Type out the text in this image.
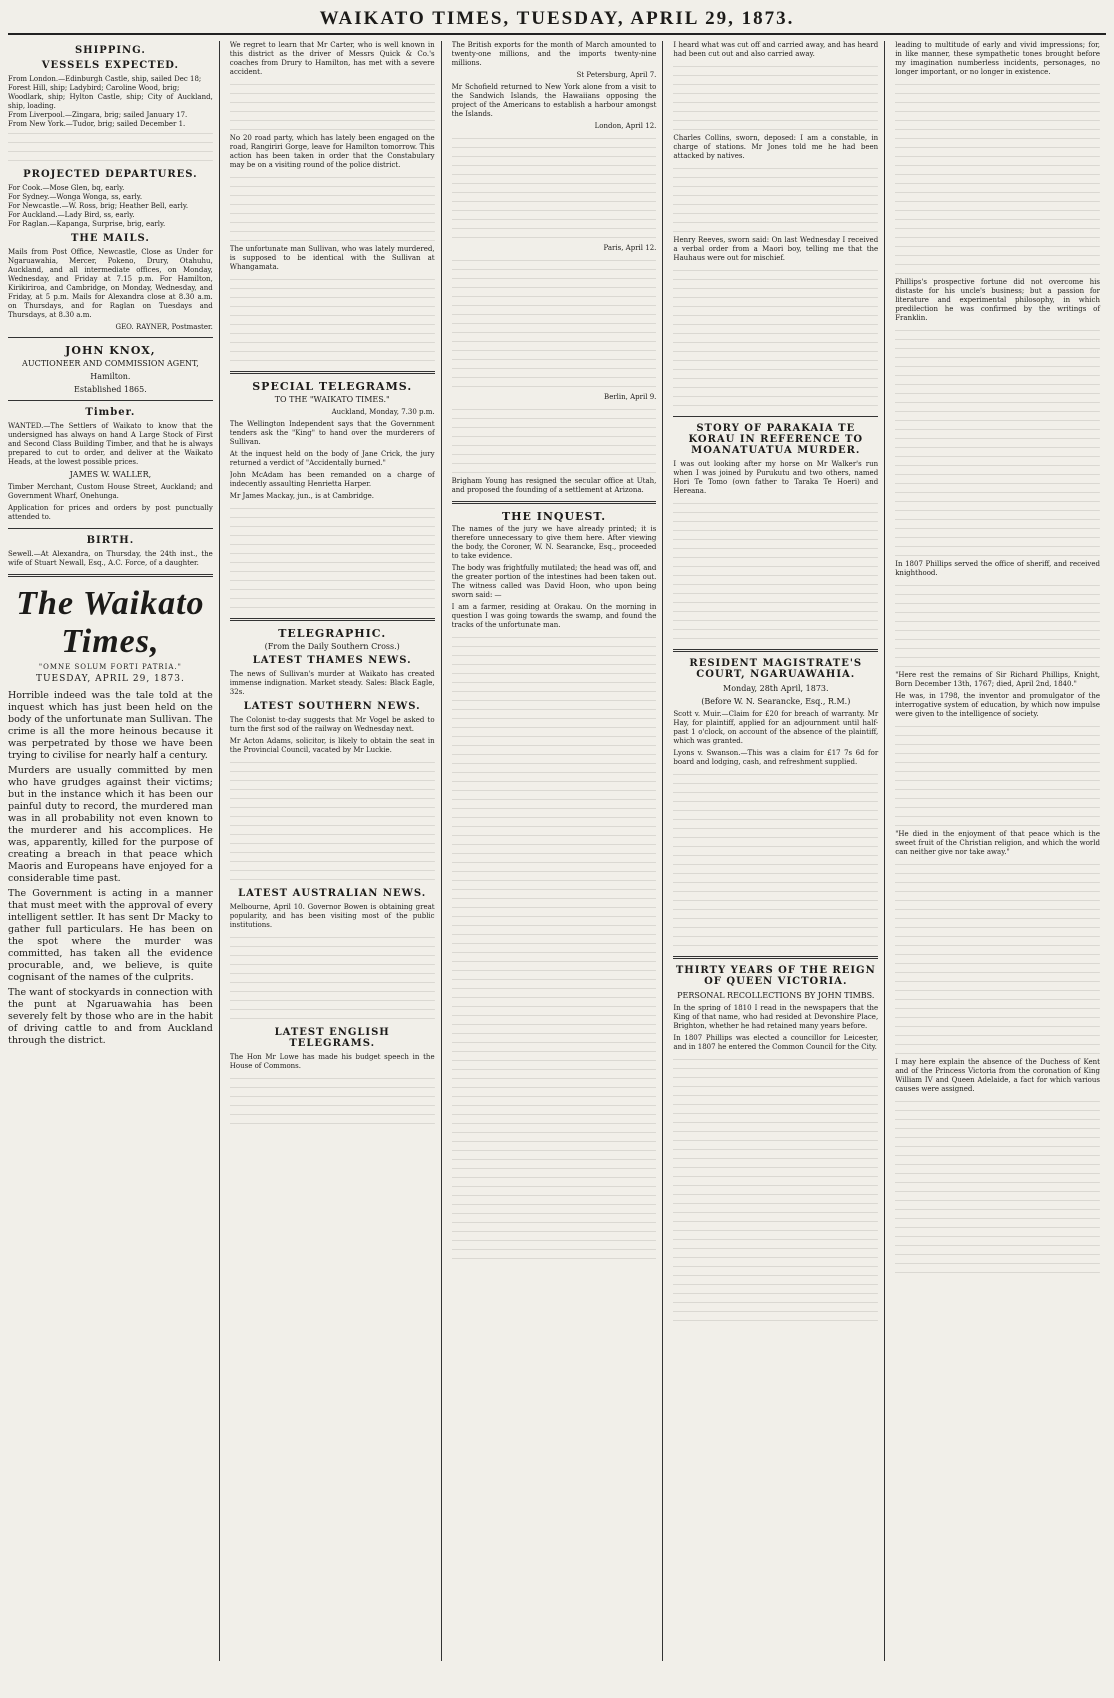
WAIKATO TIMES, TUESDAY, APRIL 29, 1873.
SHIPPING.
VESSELS EXPECTED.
From London.—Edinburgh Castle, ship, sailed Dec 18;
Forest Hill, ship; Ladybird; Caroline Wood, brig;
Woodlark, ship; Hylton Castle, ship; City of Auckland, ship, loading.
From Liverpool.—Zingara, brig; sailed January 17.
From New York.—Tudor, brig; sailed December 1.
PROJECTED DEPARTURES.
For Cook.—Mose Glen, bq, early.
For Sydney.—Wonga Wonga, ss, early.
For Newcastle.—W. Ross, brig; Heather Bell, early.
For Auckland.—Lady Bird, ss, early.
For Raglan.—Kapanga, Surprise, brig, early.
THE MAILS.

Mails from Post Office, Newcastle, Close as Under for Ngaruawahia, Mercer, Pokeno, Drury, Otahuhu, Auckland, and all intermediate offices, on Monday, Wednesday, and Friday at 7.15 p.m. For Hamilton, Kirikiriroa, and Cambridge, on Monday, Wednesday, and Friday, at 5 p.m. Mails for Alexandra close at 8.30 a.m. on Thursdays, and for Raglan on Tuesdays and Thursdays, at 8.30 a.m.

GEO. RAYNER, Postmaster.
JOHN KNOX,
AUCTIONEER AND COMMISSION AGENT,
Hamilton.
Established 1865.
Timber.

WANTED.—The Settlers of Waikato to know that the undersigned has always on hand A Large Stock of First and Second Class Building Timber, and that he is always prepared to cut to order, and deliver at the Waikato Heads, at the lowest possible prices.

JAMES W. WALLER,

Timber Merchant, Custom House Street, Auckland; and Government Wharf, Onehunga.

Application for prices and orders by post punctually attended to.

BIRTH.

Sewell.—At Alexandra, on Thursday, the 24th inst., the wife of Stuart Newall, Esq., A.C. Force, of a daughter.

The Waikato Times,
"OMNE SOLUM FORTI PATRIA."
TUESDAY, APRIL 29, 1873.

Horrible indeed was the tale told at the inquest which has just been held on the body of the unfortunate man Sullivan. The crime is all the more heinous because it was perpetrated by those we have been trying to civilise for nearly half a century.

Murders are usually committed by men who have grudges against their victims; but in the instance which it has been our painful duty to record, the murdered man was in all probability not even known to the murderer and his accomplices. He was, apparently, killed for the purpose of creating a breach in that peace which Maoris and Europeans have enjoyed for a considerable time past.

The Government is acting in a manner that must meet with the approval of every intelligent settler. It has sent Dr Macky to gather full particulars. He has been on the spot where the murder was committed, has taken all the evidence procurable, and, we believe, is quite cognisant of the names of the culprits.

The want of stockyards in connection with the punt at Ngaruawahia has been severely felt by those who are in the habit of driving cattle to and from Auckland through the district.

We regret to learn that Mr Carter, who is well known in this district as the driver of Messrs Quick & Co.'s coaches from Drury to Hamilton, has met with a severe accident.

No 20 road party, which has lately been engaged on the road, Rangiriri Gorge, leave for Hamilton tomorrow. This action has been taken in order that the Constabulary may be on a visiting round of the police district.

The unfortunate man Sullivan, who was lately murdered, is supposed to be identical with the Sullivan at Whangamata.

SPECIAL TELEGRAMS.
TO THE "WAIKATO TIMES."
Auckland, Monday, 7.30 p.m.

The Wellington Independent says that the Government tenders ask the "King" to hand over the murderers of Sullivan.

At the inquest held on the body of Jane Crick, the jury returned a verdict of "Accidentally burned."

John McAdam has been remanded on a charge of indecently assaulting Henrietta Harper.

Mr James Mackay, jun., is at Cambridge.

TELEGRAPHIC.
(From the Daily Southern Cross.)
LATEST THAMES NEWS.

The news of Sullivan's murder at Waikato has created immense indignation. Market steady. Sales: Black Eagle, 32s.

LATEST SOUTHERN NEWS.

The Colonist to-day suggests that Mr Vogel be asked to turn the first sod of the railway on Wednesday next.

Mr Acton Adams, solicitor, is likely to obtain the seat in the Provincial Council, vacated by Mr Luckie.

LATEST AUSTRALIAN NEWS.

Melbourne, April 10. Governor Bowen is obtaining great popularity, and has been visiting most of the public institutions.

LATEST ENGLISH TELEGRAMS.

The Hon Mr Lowe has made his budget speech in the House of Commons.

The British exports for the month of March amounted to twenty-one millions, and the imports twenty-nine millions.

St Petersburg, April 7.

Mr Schofield returned to New York alone from a visit to the Sandwich Islands, the Hawaiians opposing the project of the Americans to establish a harbour amongst the Islands.

London, April 12.
Paris, April 12.
Berlin, April 9.

Brigham Young has resigned the secular office at Utah, and proposed the founding of a settlement at Arizona.

THE INQUEST.

The names of the jury we have already printed; it is therefore unnecessary to give them here. After viewing the body, the Coroner, W. N. Searancke, Esq., proceeded to take evidence.

The body was frightfully mutilated; the head was off, and the greater portion of the intestines had been taken out. The witness called was David Hoon, who upon being sworn said: —

I am a farmer, residing at Orakau. On the morning in question I was going towards the swamp, and found the tracks of the unfortunate man.

I heard what was cut off and carried away, and has heard had been cut out and also carried away.

Charles Collins, sworn, deposed: I am a constable, in charge of stations. Mr Jones told me he had been attacked by natives.

Henry Reeves, sworn said: On last Wednesday I received a verbal order from a Maori boy, telling me that the Hauhaus were out for mischief.

STORY OF PARAKAIA TE KORAU IN REFERENCE TO MOANATUATUA MURDER.

I was out looking after my horse on Mr Walker's run when I was joined by Purukutu and two others, named Hori Te Tomo (own father to Taraka Te Hoeri) and Hereana.

RESIDENT MAGISTRATE'S COURT, NGARUAWAHIA.
Monday, 28th April, 1873.
(Before W. N. Searancke, Esq., R.M.)

Scott v. Muir.—Claim for £20 for breach of warranty. Mr Hay, for plaintiff, applied for an adjournment until half-past 1 o'clock, on account of the absence of the plaintiff, which was granted.

Lyons v. Swanson.—This was a claim for £17 7s 6d for board and lodging, cash, and refreshment supplied.

THIRTY YEARS OF THE REIGN OF QUEEN VICTORIA.
PERSONAL RECOLLECTIONS BY JOHN TIMBS.

In the spring of 1810 I read in the newspapers that the King of that name, who had resided at Devonshire Place, Brighton, whether he had retained many years before.

In 1807 Phillips was elected a councillor for Leicester, and in 1807 he entered the Common Council for the City.

leading to multitude of early and vivid impressions; for, in like manner, these sympathetic tones brought before my imagination numberless incidents, personages, no longer important, or no longer in existence.

Phillips's prospective fortune did not overcome his distaste for his uncle's business; but a passion for literature and experimental philosophy, in which predilection he was confirmed by the writings of Franklin.

In 1807 Phillips served the office of sheriff, and received knighthood.

"Here rest the remains of Sir Richard Phillips, Knight, Born December 13th, 1767; died, April 2nd, 1840."

He was, in 1798, the inventor and promulgator of the interrogative system of education, by which now impulse were given to the intelligence of society.

"He died in the enjoyment of that peace which is the sweet fruit of the Christian religion, and which the world can neither give nor take away."

I may here explain the absence of the Duchess of Kent and of the Princess Victoria from the coronation of King William IV and Queen Adelaide, a fact for which various causes were assigned.
